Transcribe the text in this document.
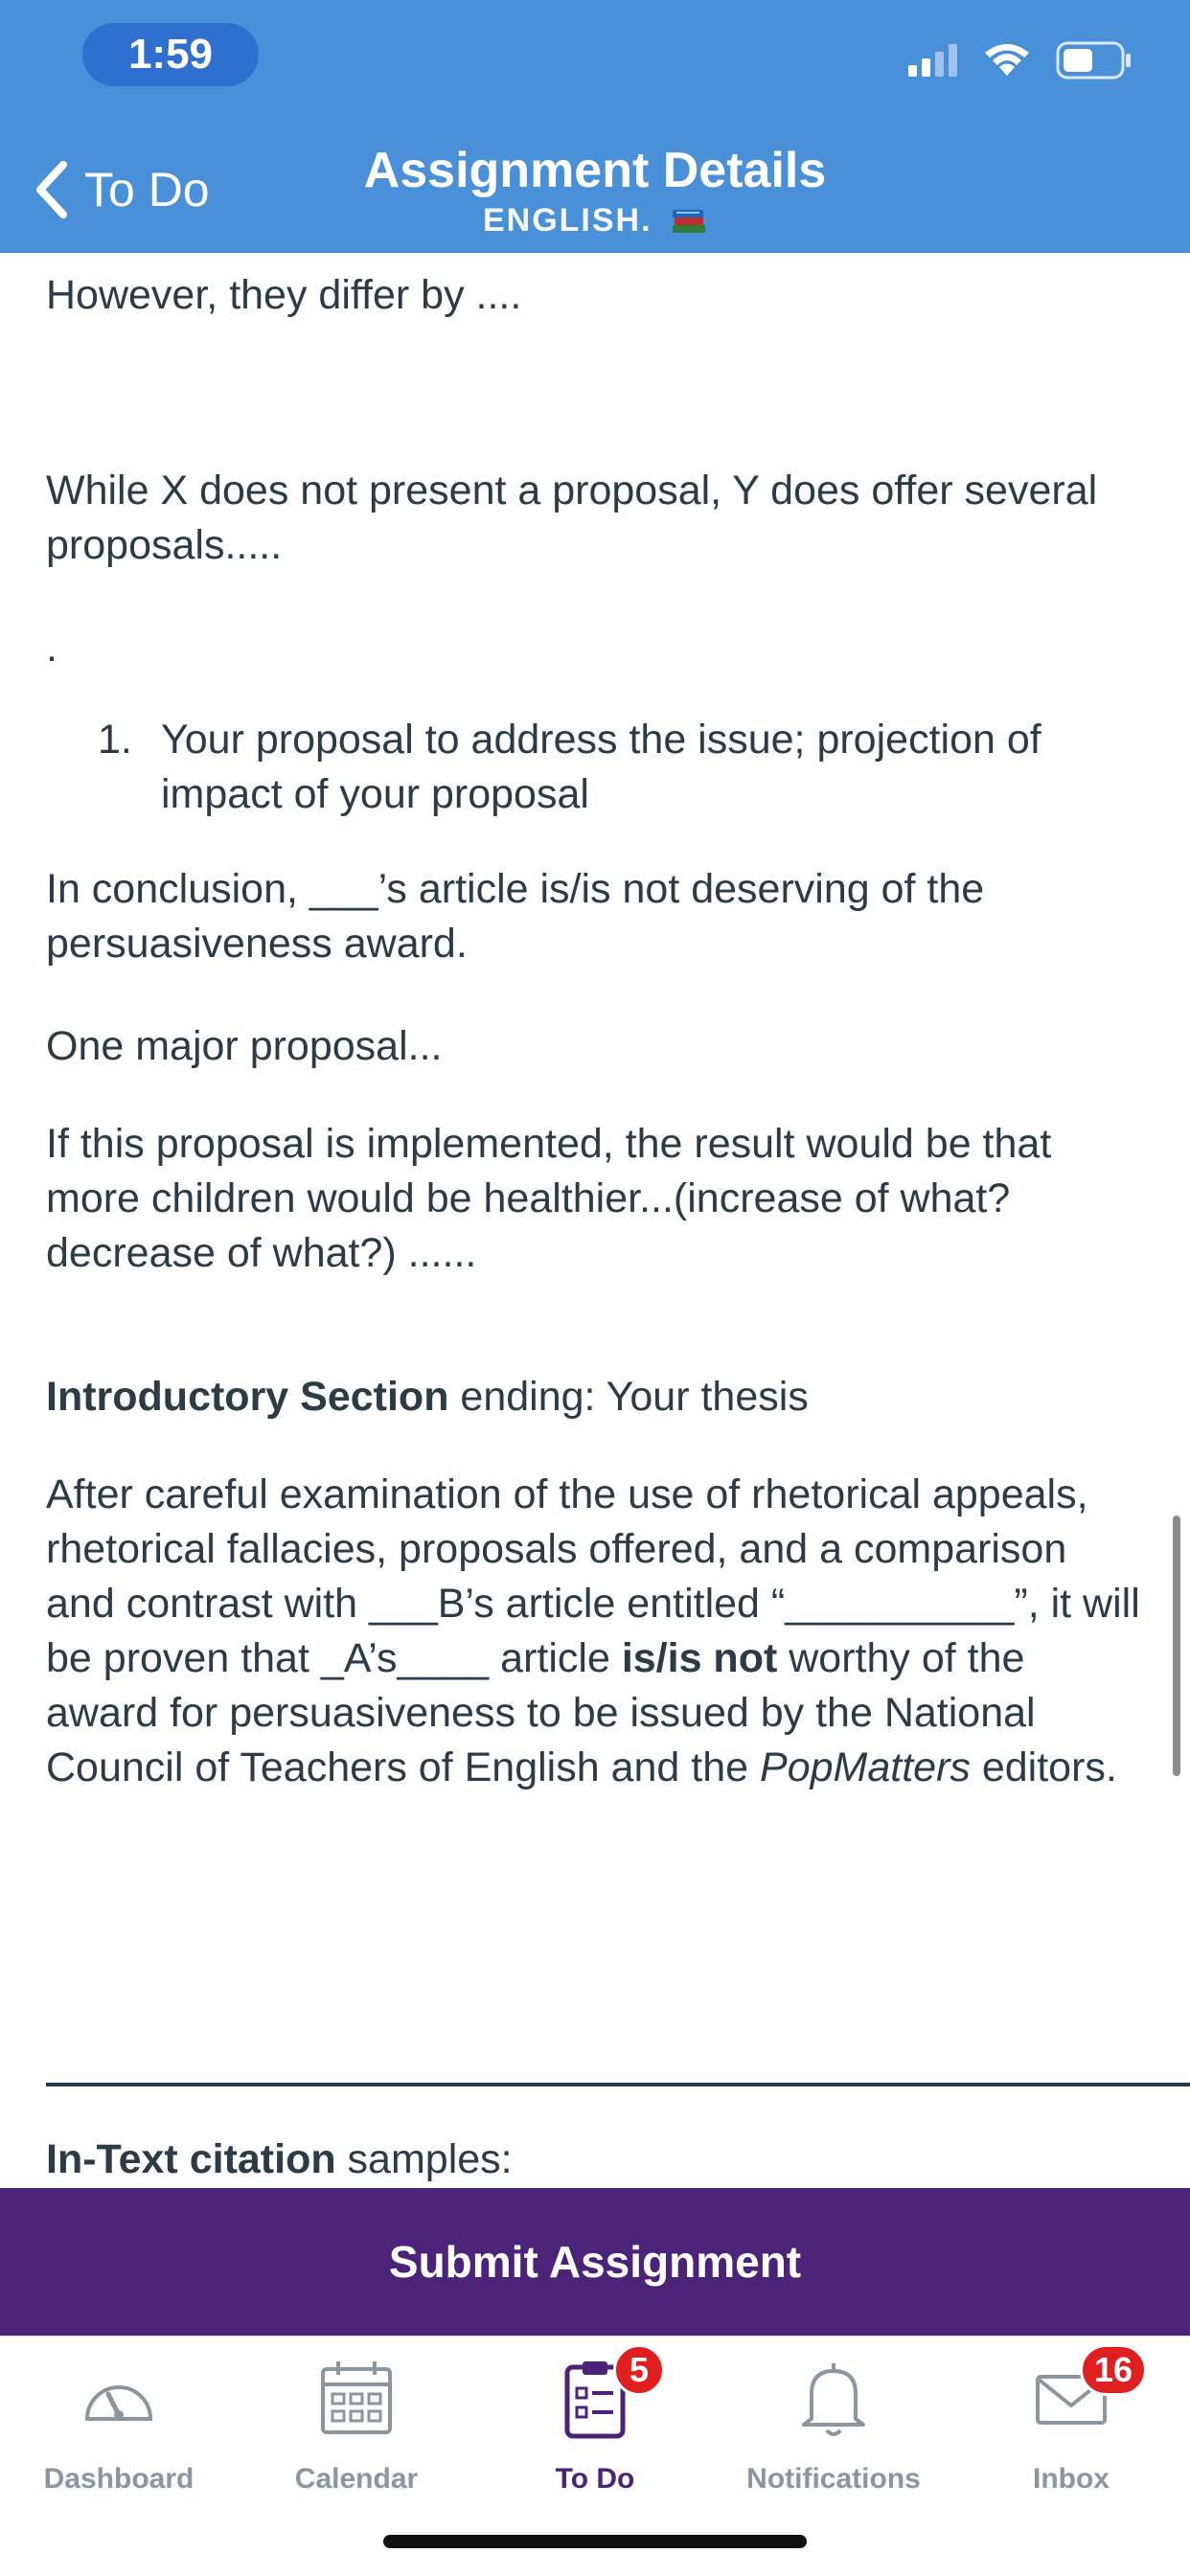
1:59
To Do	Assignment Details
ENGLISH.

However, they differ by ....

While X does not present a proposal, Y does offer several proposals.....

.

1. Your proposal to address the issue; projection of impact of your proposal

In conclusion, ___’s article is/is not deserving of the persuasiveness award.

One major proposal...

If this proposal is implemented, the result would be that more children would be healthier...(increase of what? decrease of what?) ......

Introductory Section ending: Your thesis

After careful examination of the use of rhetorical appeals, rhetorical fallacies, proposals offered, and a comparison and contrast with ___B’s article entitled “__________”, it will be proven that _A’s____ article is/is not worthy of the award for persuasiveness to be issued by the National Council of Teachers of English and the PopMatters editors.

In-Text citation samples:

Submit Assignment
Dashboard	Calendar
5
To Do	Notifications
16
Inbox
